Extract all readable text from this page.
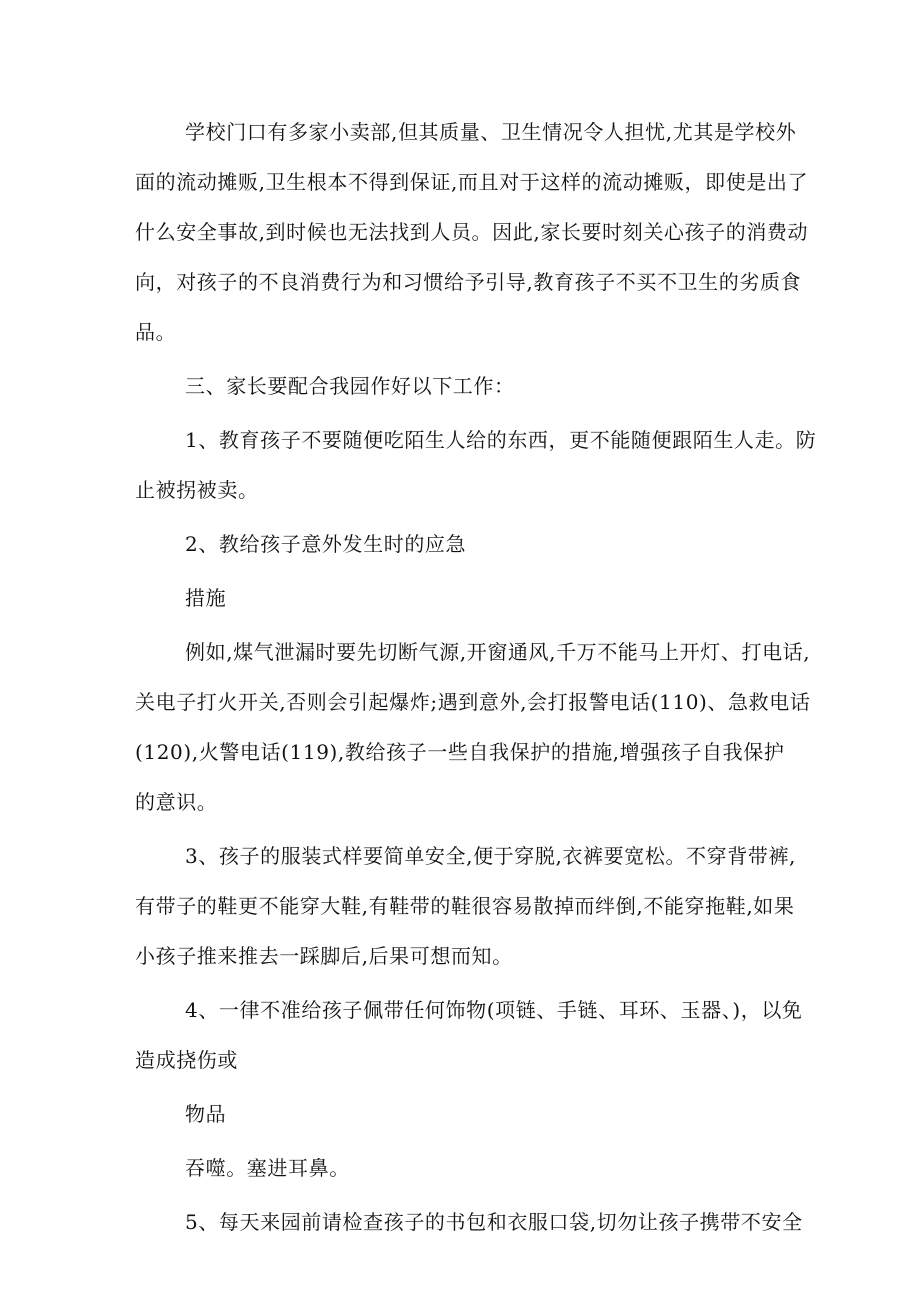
学校门口有多家小卖部,但其质量、卫生情况令人担忧,尤其是学校外
面的流动摊贩,卫生根本不得到保证,而且对于这样的流动摊贩，即使是出了
什么安全事故,到时候也无法找到人员。因此,家长要时刻关心孩子的消费动
向，对孩子的不良消费行为和习惯给予引导,教育孩子不买不卫生的劣质食
品。
三、家长要配合我园作好以下工作：
1、教育孩子不要随便吃陌生人给的东西，更不能随便跟陌生人走。防
止被拐被卖。
2、教给孩子意外发生时的应急
措施
例如,煤气泄漏时要先切断气源,开窗通风,千万不能马上开灯、打电话,
关电子打火开关,否则会引起爆炸;遇到意外,会打报警电话(110)、急救电话
(120),火警电话(119),教给孩子一些自我保护的措施,增强孩子自我保护
的意识。
3、孩子的服装式样要简单安全,便于穿脱,衣裤要宽松。不穿背带裤,
有带子的鞋更不能穿大鞋,有鞋带的鞋很容易散掉而绊倒,不能穿拖鞋,如果
小孩子推来推去一踩脚后,后果可想而知。
4、一律不准给孩子佩带任何饰物(项链、手链、耳环、玉器、)，以免
造成挠伤或
物品
吞噬。塞进耳鼻。
5、每天来园前请检查孩子的书包和衣服口袋,切勿让孩子携带不安全
